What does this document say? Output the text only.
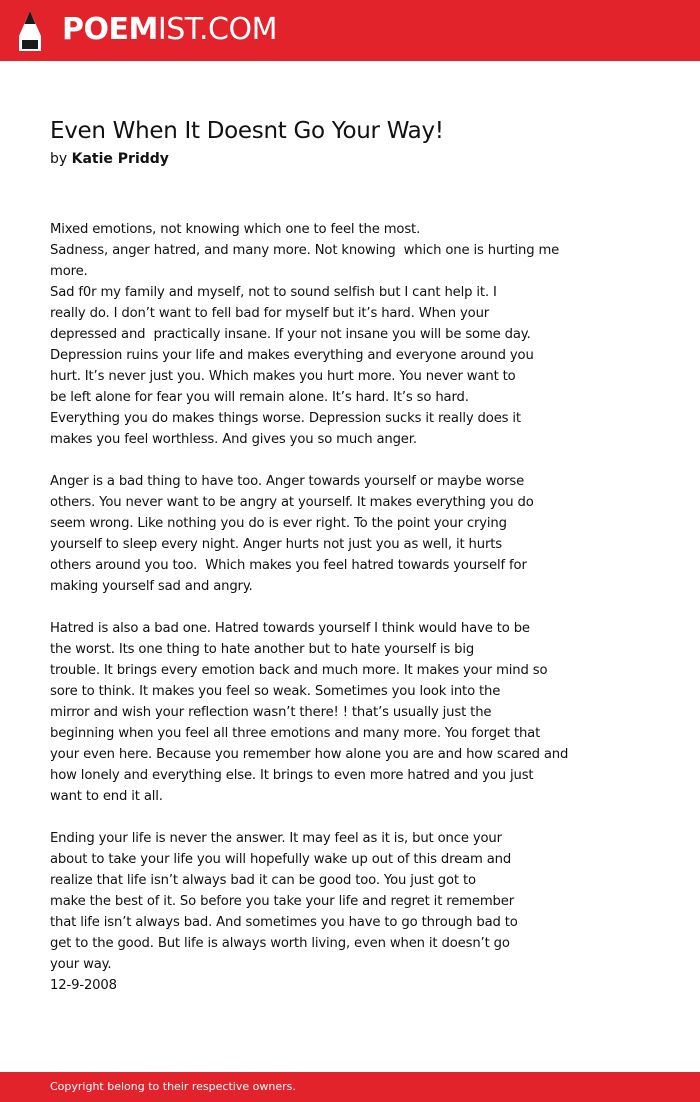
POEMIST.COM
Even When It Doesnt Go Your Way!
by Katie Priddy
Mixed emotions, not knowing which one to feel the most.
Sadness, anger hatred, and many more. Not knowing  which one is hurting me
more.
Sad f0r my family and myself, not to sound selfish but I cant help it. I
really do. I don’t want to fell bad for myself but it’s hard. When your
depressed and  practically insane. If your not insane you will be some day.
Depression ruins your life and makes everything and everyone around you
hurt. It’s never just you. Which makes you hurt more. You never want to
be left alone for fear you will remain alone. It’s hard. It’s so hard.
Everything you do makes things worse. Depression sucks it really does it
makes you feel worthless. And gives you so much anger.
Anger is a bad thing to have too. Anger towards yourself or maybe worse
others. You never want to be angry at yourself. It makes everything you do
seem wrong. Like nothing you do is ever right. To the point your crying
yourself to sleep every night. Anger hurts not just you as well, it hurts
others around you too.  Which makes you feel hatred towards yourself for
making yourself sad and angry.
Hatred is also a bad one. Hatred towards yourself I think would have to be
the worst. Its one thing to hate another but to hate yourself is big
trouble. It brings every emotion back and much more. It makes your mind so
sore to think. It makes you feel so weak. Sometimes you look into the
mirror and wish your reflection wasn’t there! ! that’s usually just the
beginning when you feel all three emotions and many more. You forget that
your even here. Because you remember how alone you are and how scared and
how lonely and everything else. It brings to even more hatred and you just
want to end it all.
Ending your life is never the answer. It may feel as it is, but once your
about to take your life you will hopefully wake up out of this dream and
realize that life isn’t always bad it can be good too. You just got to
make the best of it. So before you take your life and regret it remember
that life isn’t always bad. And sometimes you have to go through bad to
get to the good. But life is always worth living, even when it doesn’t go
your way.
12-9-2008
Copyright belong to their respective owners.
